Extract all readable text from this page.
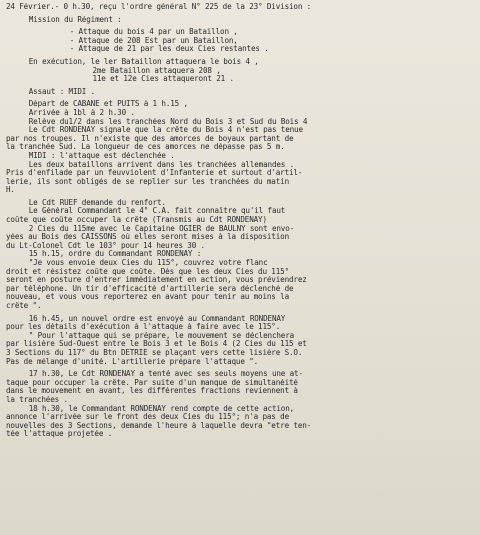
24 Février.- 0 h.30, reçu l'ordre général N° 225 de la 23° Division :
Mission du Régiment :
- Attaque du bois 4 par un Bataillon ,
- Attaque de 208 Est par un Bataillon,
- Attaque de 21 par les deux Cies restantes .
En exécution, le ler Bataillon attaquera le bois 4 ,
2me Bataillon attaquera 208 ,
11e et 12e Cies attaqueront 21 .
Assaut : MIDI .
Départ de CABANE et PUITS à 1 h.15 ,
Arrivée à 1bl à 2 h.30 .
Relève du1/2 dans les tranchées Nord du Bois 3 et Sud du Bois 4
Le Cdt RONDENAY signale que la crête du Bois 4 n'est pas tenue
par nos troupes. Il n'existe que des amorces de boyaux partant de
la tranchée Sud. La longueur de ces amorces ne dépasse pas 5 m.
MIDI : l'attaque est déclenchée .
Les deux bataillons arrivent dans les tranchées allemandes .
Pris d'enfilade par un feuvviolent d'Infanterie et surtout d'artil-
lerie, ils sont obligés de se replier sur les tranchées du matin
H.
Le Cdt RUEF demande du renfort.
Le Général Commandant le 4° C.A. fait connaître qu'il faut
coûte que coûte occuper la crête (Transmis au Cdt RONDENAY)
2 Cies du 115me avec le Capitaine OGIER de BAULNY sont envo-
yées au Bois des CAISSONS où elles seront mises à la disposition
du Lt-Colonel Cdt le 103° pour 14 heures 30 .
15 h.15, ordre du Commandant RONDENAY :
"Je vous envoie deux Cies du 115°, couvrez votre flanc
droit et résistez coûte que coûte. Dès que les deux Cies du 115°
seront en posture d'entrer immédiatement en action, vous préviendrez
par téléphone. Un tir d'efficacité d'artillerie sera déclenché de
nouveau, et vous vous reporterez en avant pour tenir au moins la
crête ".
16 h.45, un nouvel ordre est envoyé au Commandant RONDENAY
pour les détails d'exécution à l'attaque à faire avec le 115°.
" Pour l'attaque qui se prépare, le mouvement se déclenchera
par lisière Sud-Ouest entre le Bois 3 et le Bois 4 (2 Cies du 115 et
3 Sections du 117° du Btn DETRIE se plaçant vers cette lisière S.O.
Pas de mélange d'unité. L'artillerie prépare l'attaque ".
17 h.30, Le Cdt RONDENAY a tenté avec ses seuls moyens une at-
taque pour occuper la crête. Par suite d'un manque de simultanéité
dans le mouvement en avant, les différentes fractions reviennent à
la tranchées .
18 h.30, le Commandant RONDENAY rend compte de cette action,
annonce l'arrivée sur le front des deux Cies du 115°; n'a pas de
nouvelles des 3 Sections, demande l'heure à laquelle devra "etre ten-
tée l'attaque projetée .
